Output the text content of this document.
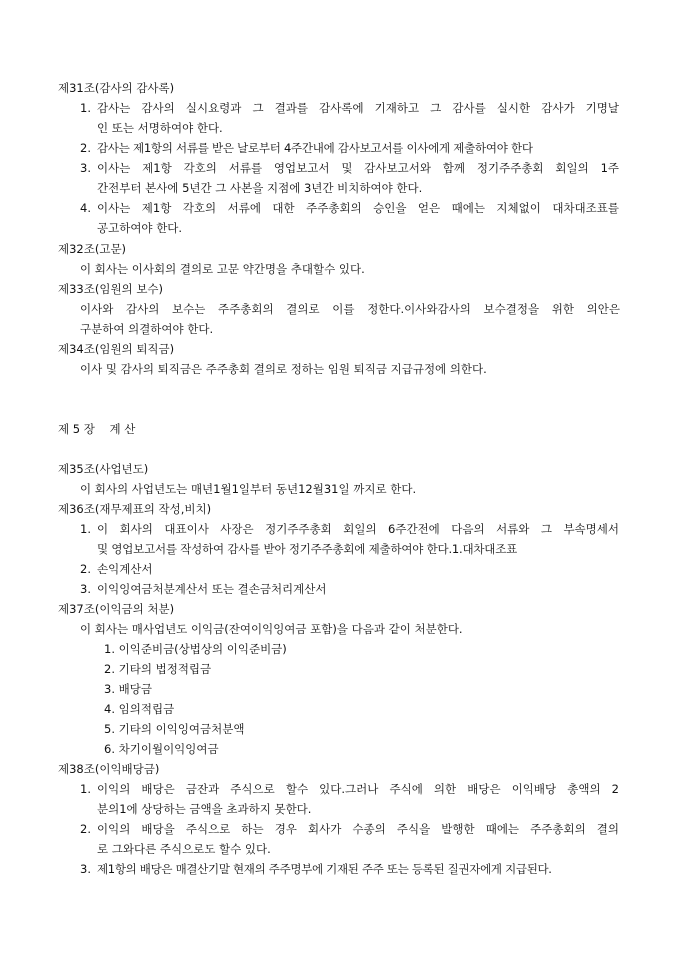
제31조(감사의 감사록)
1. 감사는 감사의 실시요령과 그 결과를 감사록에 기재하고 그 감사를 실시한 감사가 기명날
인 또는 서명하여야 한다.
2. 감사는 제1항의 서류를 받은 날로부터 4주간내에 감사보고서를 이사에게 제출하여야 한다
3. 이사는 제1항 각호의 서류를 영업보고서 및 감사보고서와 함께 정기주주총회 회일의 1주
간전부터 본사에 5년간 그 사본을 지점에 3년간 비치하여야 한다.
4. 이사는 제1항 각호의 서류에 대한 주주총회의 승인을 얻은 때에는 지체없이 대차대조표를
공고하여야 한다.
제32조(고문)
이 회사는 이사회의 결의로 고문 약간명을 추대할수 있다.
제33조(임원의 보수)
이사와 감사의 보수는 주주총회의 결의로 이를 정한다.이사와감사의 보수결정을 위한 의안은
구분하여 의결하여야 한다.
제34조(임원의 퇴직금)
이사 및 감사의 퇴직금은 주주총회 결의로 정하는 임원 퇴직금 지급규정에 의한다.
제 5 장    계 산
제35조(사업년도)
이 회사의 사업년도는 매년1월1일부터 동년12월31일 까지로 한다.
제36조(재무제표의 작성,비치)
1. 이 회사의 대표이사 사장은 정기주주총회 회일의 6주간전에 다음의 서류와 그 부속명세서
및 영업보고서를 작성하여 감사를 받아 정기주주총회에 제출하여야 한다.1.대차대조표
2. 손익계산서
3. 이익잉여금처분계산서 또는 결손금처리계산서
제37조(이익금의 처분)
이 회사는 매사업년도 이익금(잔여이익잉여금 포함)을 다음과 같이 처분한다.
1. 이익준비금(상법상의 이익준비금)
2. 기타의 법정적립금
3. 배당금
4. 임의적립금
5. 기타의 이익잉여금처분액
6. 차기이월이익잉여금
제38조(이익배당금)
1. 이익의 배당은 금잔과 주식으로 할수 있다.그러나 주식에 의한 배당은 이익배당 총액의 2
분의1에 상당하는 금액을 초과하지 못한다.
2. 이익의 배당을 주식으로 하는 경우 회사가 수종의 주식을 발행한 때에는 주주총회의 결의
로 그와다른 주식으로도 할수 있다.
3. 제1항의 배당은 매결산기말 현재의 주주명부에 기재된 주주 또는 등록된 질권자에게 지급된다.
